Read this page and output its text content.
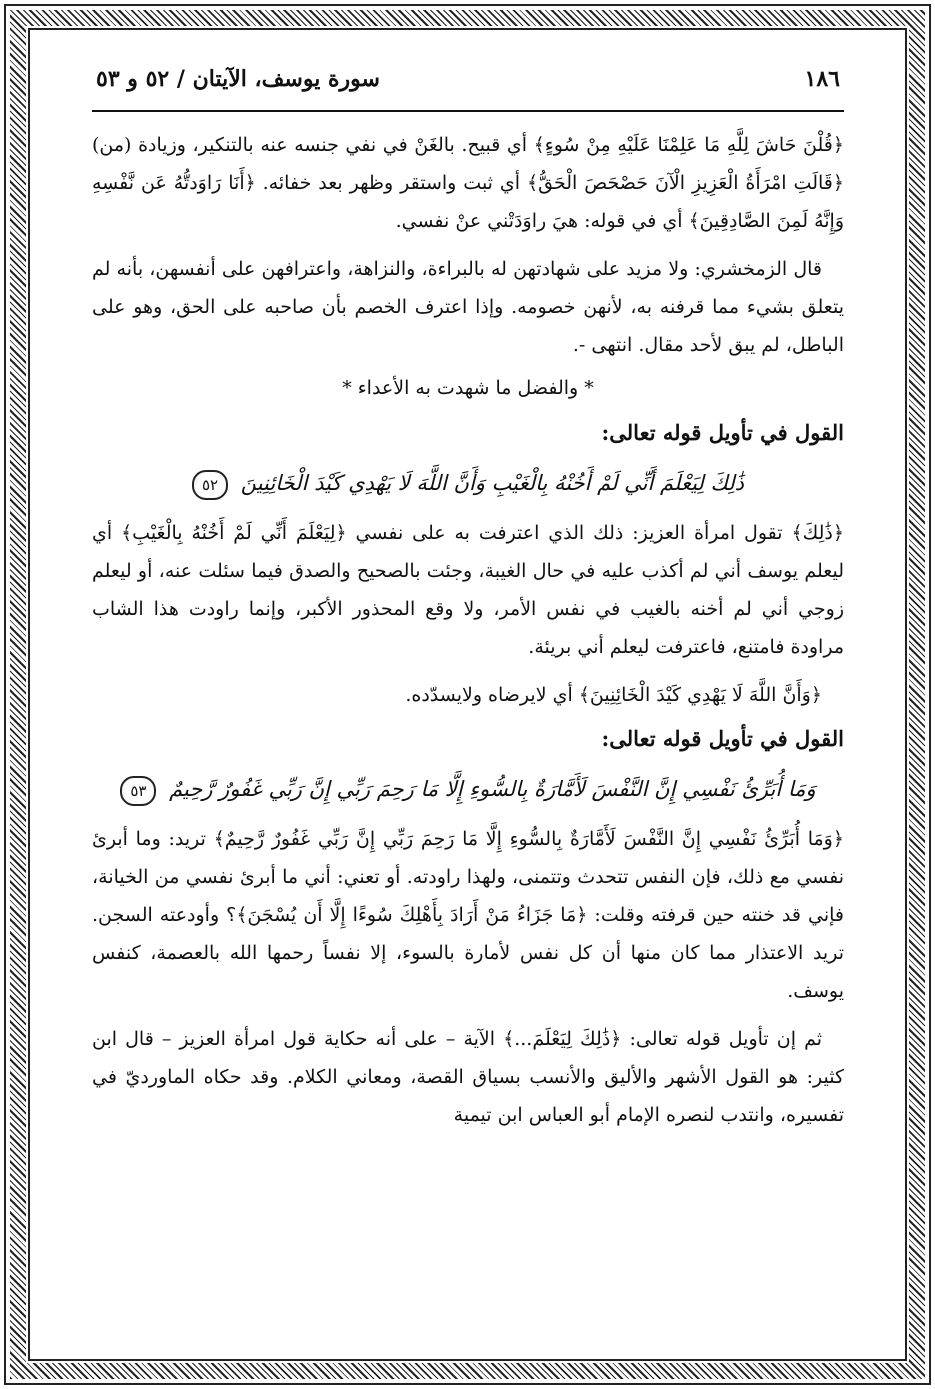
١٨٦
سورة يوسف، الآيتان / ٥٢ و ٥٣

﴿قُلْنَ حَاشَ لِلَّهِ مَا عَلِمْنَا عَلَيْهِ مِنْ سُوءٍ﴾ أي قبيح. بالغَنْ في نفي جنسه عنه بالتنكير، وزيادة (من) ﴿قَالَتِ امْرَأَةُ الْعَزِيزِ الْآنَ حَصْحَصَ الْحَقُّ﴾ أي ثبت واستقر وظهر بعد خفائه. ﴿أَنَا رَاوَدتُّهُ عَن نَّفْسِهِ وَإِنَّهُ لَمِنَ الصَّادِقِينَ﴾ أي في قوله: هيَ راوَدَتْني عنْ نفسي.

قال الزمخشري: ولا مزيد على شهادتهن له بالبراءة، والنزاهة، واعترافهن على أنفسهن، بأنه لم يتعلق بشيء مما قرفنه به، لأنهن خصومه. وإذا اعترف الخصم بأن صاحبه على الحق، وهو على الباطل، لم يبق لأحد مقال. انتهى -.

* والفضل ما شهدت به الأعداء *

القول في تأويل قوله تعالى:

ذَٰلِكَ لِيَعْلَمَ أَنِّي لَمْ أَخُنْهُ بِالْغَيْبِ وَأَنَّ اللَّهَ لَا يَهْدِي كَيْدَ الْخَائِنِينَ ٥٢

﴿ذَٰلِكَ﴾ تقول امرأة العزيز: ذلك الذي اعترفت به على نفسي ﴿لِيَعْلَمَ أَنِّي لَمْ أَخُنْهُ بِالْغَيْبِ﴾ أي ليعلم يوسف أني لم أكذب عليه في حال الغيبة، وجئت بالصحيح والصدق فيما سئلت عنه، أو ليعلم زوجي أني لم أخنه بالغيب في نفس الأمر، ولا وقع المحذور الأكبر، وإنما راودت هذا الشاب مراودة فامتنع، فاعترفت ليعلم أني بريئة.

﴿وَأَنَّ اللَّهَ لَا يَهْدِي كَيْدَ الْخَائِنِينَ﴾ أي لايرضاه ولايسدّده.

القول في تأويل قوله تعالى:

وَمَا أُبَرِّئُ نَفْسِي إِنَّ النَّفْسَ لَأَمَّارَةٌ بِالسُّوءِ إِلَّا مَا رَحِمَ رَبِّي إِنَّ رَبِّي غَفُورٌ رَّحِيمٌ ٥٣

﴿وَمَا أُبَرِّئُ نَفْسِي إِنَّ النَّفْسَ لَأَمَّارَةٌ بِالسُّوءِ إِلَّا مَا رَحِمَ رَبِّي إِنَّ رَبِّي غَفُورٌ رَّحِيمٌ﴾ تريد: وما أبرئ نفسي مع ذلك، فإن النفس تتحدث وتتمنى، ولهذا راودته. أو تعني: أني ما أبرئ نفسي من الخيانة، فإني قد خنته حين قرفته وقلت: ﴿مَا جَزَاءُ مَنْ أَرَادَ بِأَهْلِكَ سُوءًا إِلَّا أَن يُسْجَنَ﴾؟ وأودعته السجن. تريد الاعتذار مما كان منها أن كل نفس لأمارة بالسوء، إلا نفساً رحمها الله بالعصمة، كنفس يوسف.

ثم إن تأويل قوله تعالى: ﴿ذَٰلِكَ لِيَعْلَمَ...﴾ الآية – على أنه حكاية قول امرأة العزيز – قال ابن كثير: هو القول الأشهر والأليق والأنسب بسياق القصة، ومعاني الكلام. وقد حكاه الماورديّ في تفسيره، وانتدب لنصره الإمام أبو العباس ابن تيمية
